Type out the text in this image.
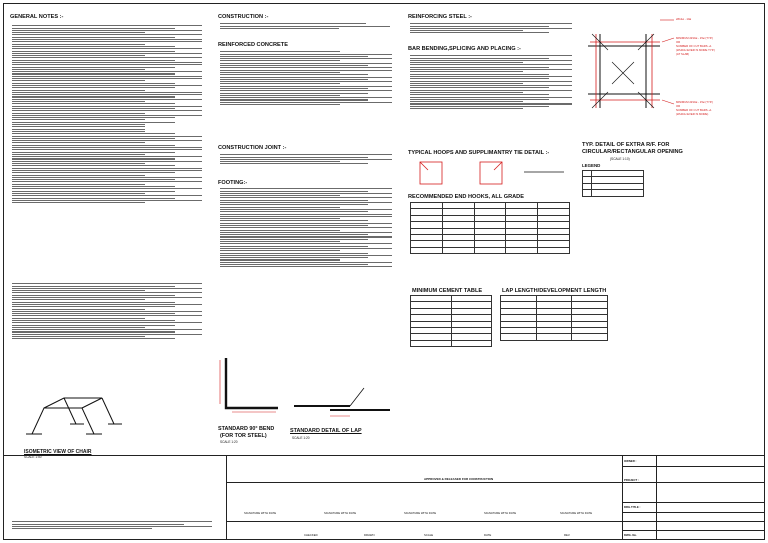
GENERAL NOTES :-
ISOMETRIC VIEW OF CHAIR
SCALE 1:50
CONSTRUCTION :-
REINFORCED CONCRETE
CONSTRUCTION JOINT :-
FOOTING:-
STANDARD 90° BEND
(FOR TOR STEEL)
SCALE 1:20
STANDARD DETAIL OF LAP
SCALE 1:20
REINFORCING STEEL :-
BAR BENDING,SPLICING AND PLACING :-
TYPICAL HOOPS AND SUPPLIMANTRY TIE DETAIL :-
RECOMMENDED END HOOKS, ALL GRADE

MINIMUM CEMENT TABLE

		LAP LENGTH/DEVELOPMENT LENGTH

2#12ø - 10ø
MINIMUM 2#10ø - 15ø (TYP.)
OR
NUMBER OF CUT BARS +1
(WHICH EVER IS MORE TYP.)
(AT SLAB)
MINIMUM 2#10ø - 15ø (TYP.)
OR
NUMBER OF CUT BARS +1
(WHICH EVER IS MORE)
TYP. DETAIL OF EXTRA R/F. FOR
CIRCULAR/RECTANGULAR OPENING
(SCALE 1:10)
LEGEND

APPROVED & RELEASED FOR CONSTRUCTION
SIGNATURE WITH DATE	SIGNATURE WITH DATE	SIGNATURE WITH DATE	SIGNATURE WITH DATE	SIGNATURE WITH DATE
OWNER :
PROJECT :
DRG.TITLE :
DWG. No.
CHECKED	DRAWN	SCALE	DATE	REV.
